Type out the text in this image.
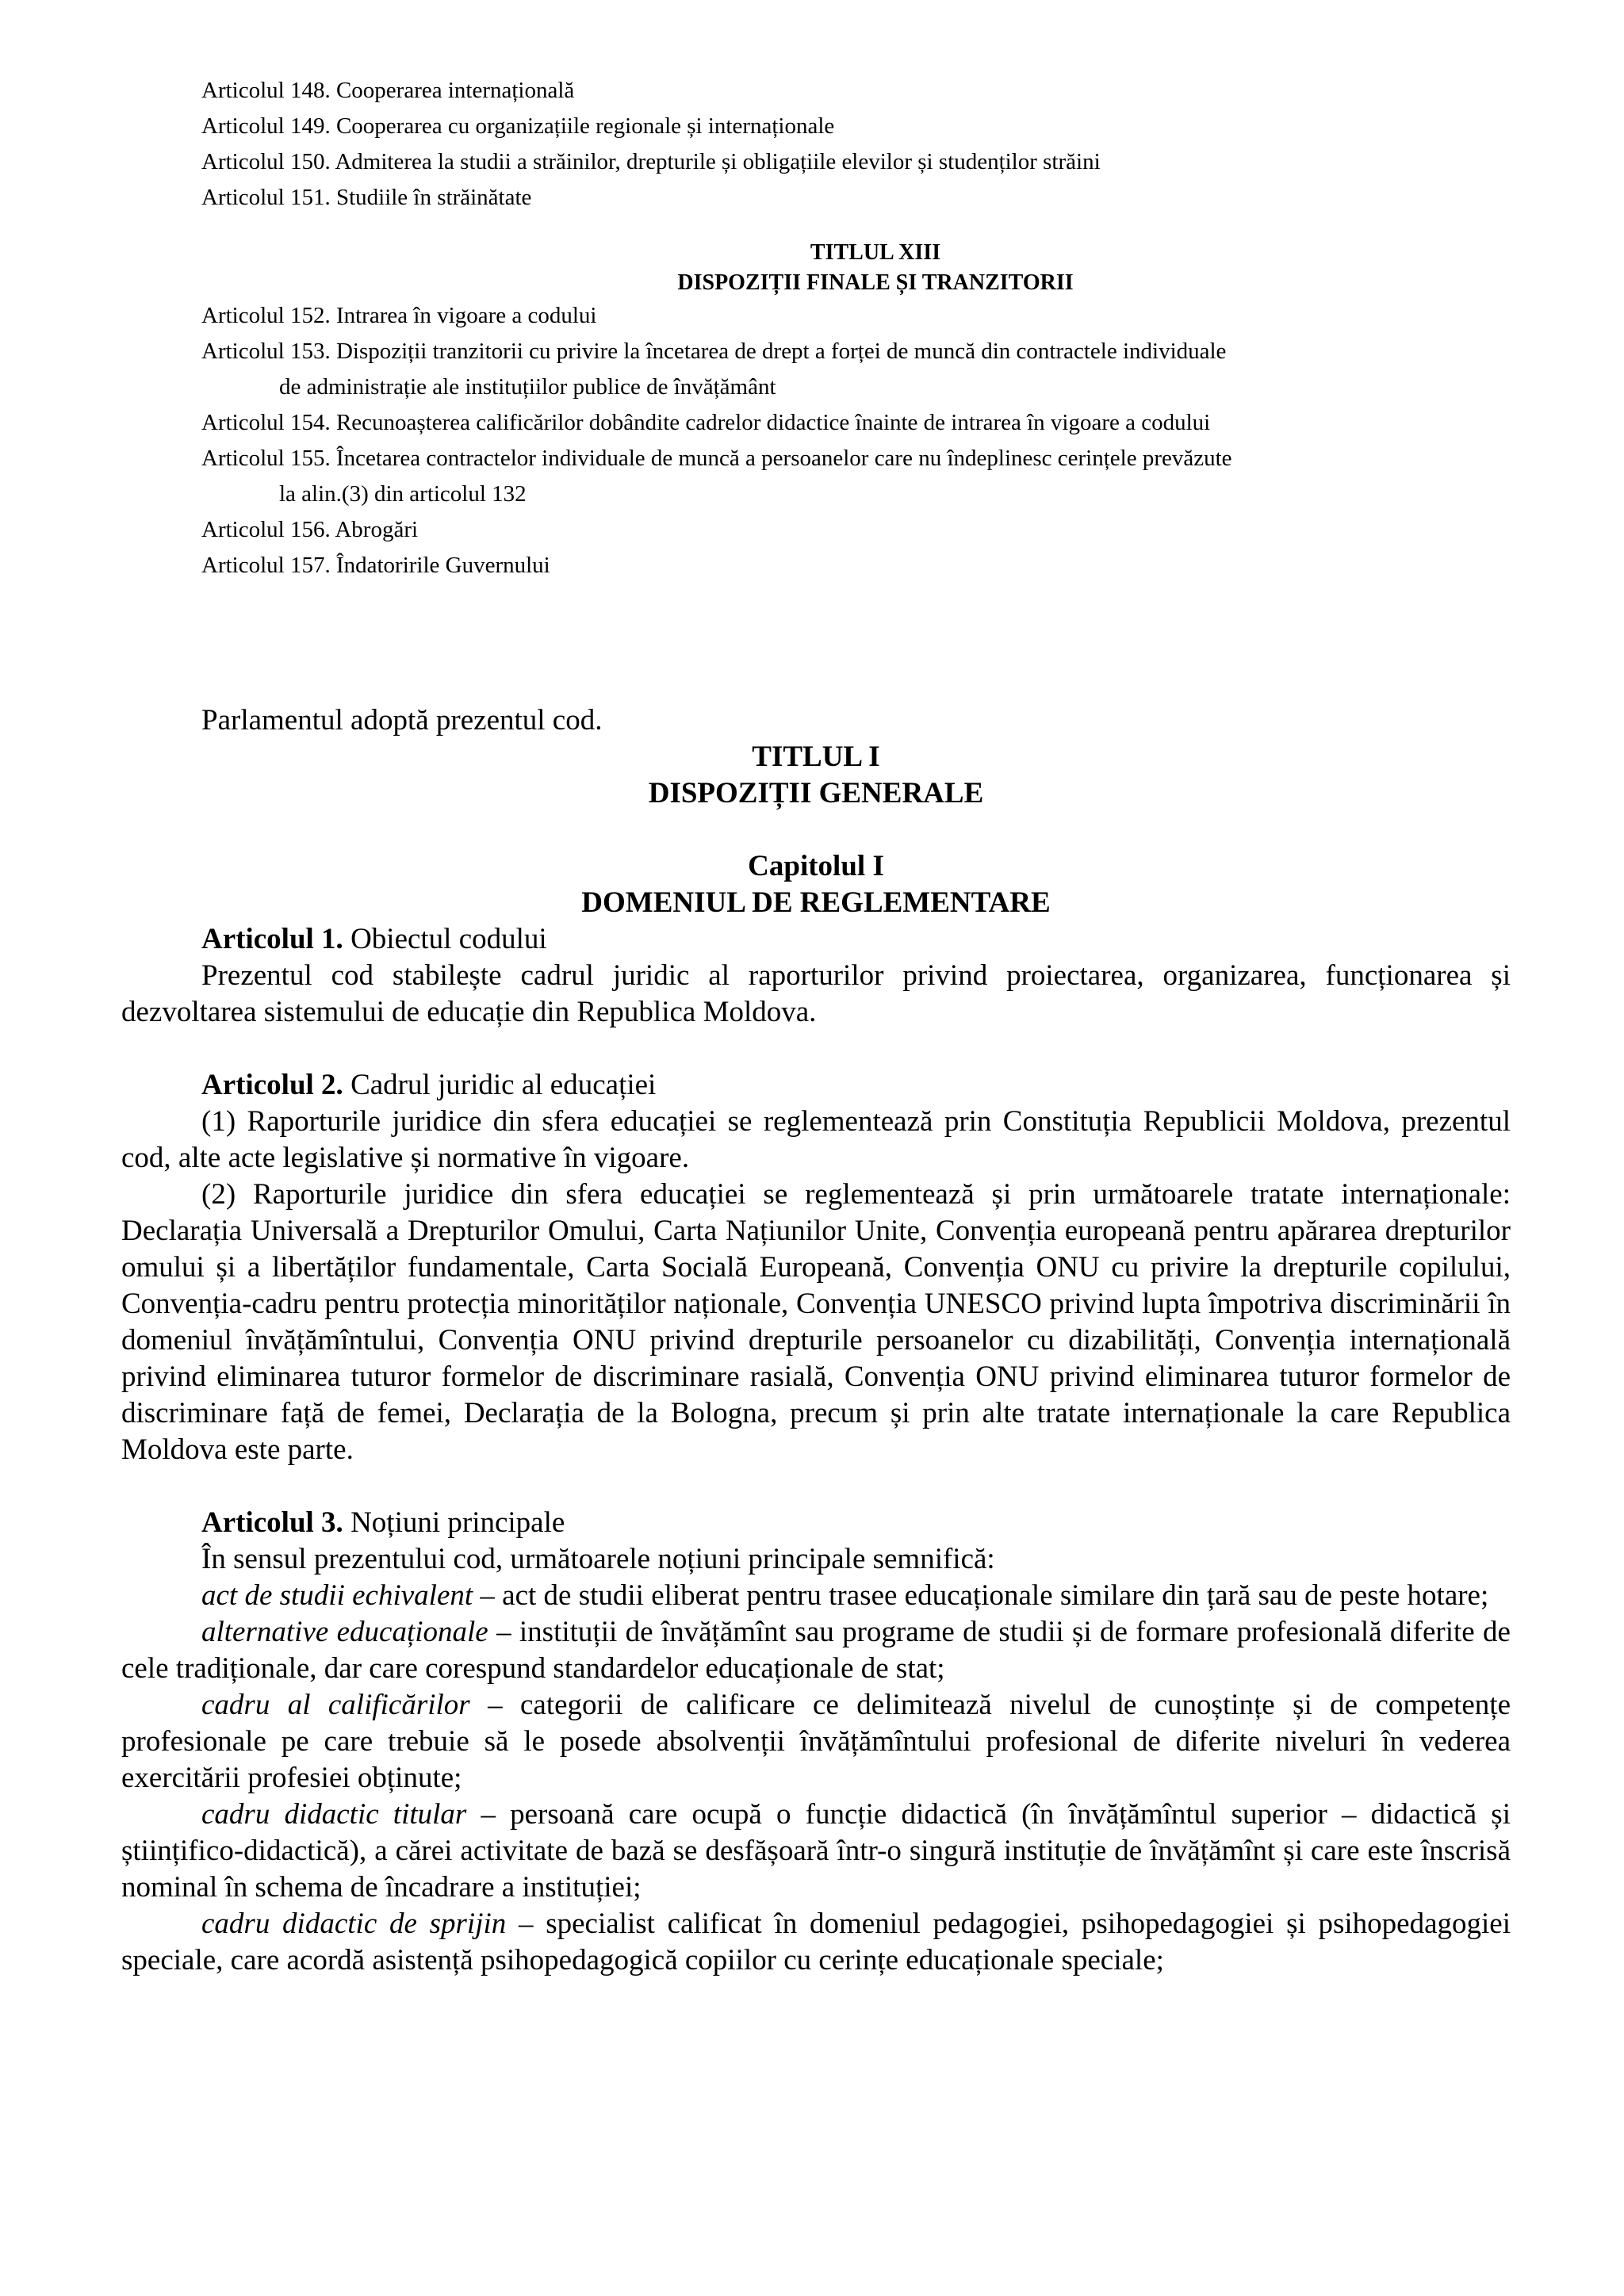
Articolul 148. Cooperarea internațională
Articolul 149. Cooperarea cu organizațiile regionale și internaționale
Articolul 150. Admiterea la studii a străinilor, drepturile și obligațiile elevilor și studenților străini
Articolul 151. Studiile în străinătate
TITLUL XIII
DISPOZIȚII FINALE ȘI TRANZITORII
Articolul 152. Intrarea în vigoare a codului
Articolul 153. Dispoziții tranzitorii cu privire la încetarea de drept a forței de muncă din contractele individuale
de administrație ale instituțiilor publice de învățământ
Articolul 154. Recunoașterea calificărilor dobândite cadrelor didactice înainte de intrarea în vigoare a codului
Articolul 155. Încetarea contractelor individuale de muncă a persoanelor care nu îndeplinesc cerințele prevăzute
la alin.(3) din articolul 132
Articolul 156. Abrogări
Articolul 157. Îndatoririle Guvernului
Parlamentul adoptă prezentul cod.
TITLUL I
DISPOZIȚII GENERALE
Capitolul I
DOMENIUL DE REGLEMENTARE
Articolul 1. Obiectul codului
Prezentul cod stabilește cadrul juridic al raporturilor privind proiectarea, organizarea, funcționarea și dezvoltarea sistemului de educație din Republica Moldova.
Articolul 2. Cadrul juridic al educației
(1) Raporturile juridice din sfera educației se reglementează prin Constituția Republicii Moldova, prezentul cod, alte acte legislative și normative în vigoare.
(2) Raporturile juridice din sfera educației se reglementează și prin următoarele tratate internaționale: Declarația Universală a Drepturilor Omului, Carta Națiunilor Unite, Convenția europeană pentru apărarea drepturilor omului și a libertăților fundamentale, Carta Socială Europeană, Convenția ONU cu privire la drepturile copilului, Convenția-cadru pentru protecția minorităților naționale, Convenția UNESCO privind lupta împotriva discriminării în domeniul învățămîntului, Convenția ONU privind drepturile persoanelor cu dizabilități, Convenția internațională privind eliminarea tuturor formelor de discriminare rasială, Convenția ONU privind eliminarea tuturor formelor de discriminare față de femei, Declarația de la Bologna, precum și prin alte tratate internaționale la care Republica Moldova este parte.
Articolul 3. Noțiuni principale
În sensul prezentului cod, următoarele noțiuni principale semnifică:
act de studii echivalent – act de studii eliberat pentru trasee educaționale similare din țară sau de peste hotare;
alternative educaționale – instituții de învățămînt sau programe de studii și de formare profesională diferite de cele tradiționale, dar care corespund standardelor educaționale de stat;
cadru al calificărilor – categorii de calificare ce delimitează nivelul de cunoștințe și de competențe profesionale pe care trebuie să le posede absolvenții învățămîntului profesional de diferite niveluri în vederea exercitării profesiei obținute;
cadru didactic titular – persoană care ocupă o funcție didactică (în învățămîntul superior – didactică și științifico-didactică), a cărei activitate de bază se desfășoară într-o singură instituție de învățămînt și care este înscrisă nominal în schema de încadrare a instituției;
cadru didactic de sprijin – specialist calificat în domeniul pedagogiei, psihopedagogiei și psihopedagogiei speciale, care acordă asistență psihopedagogică copiilor cu cerințe educaționale speciale;
